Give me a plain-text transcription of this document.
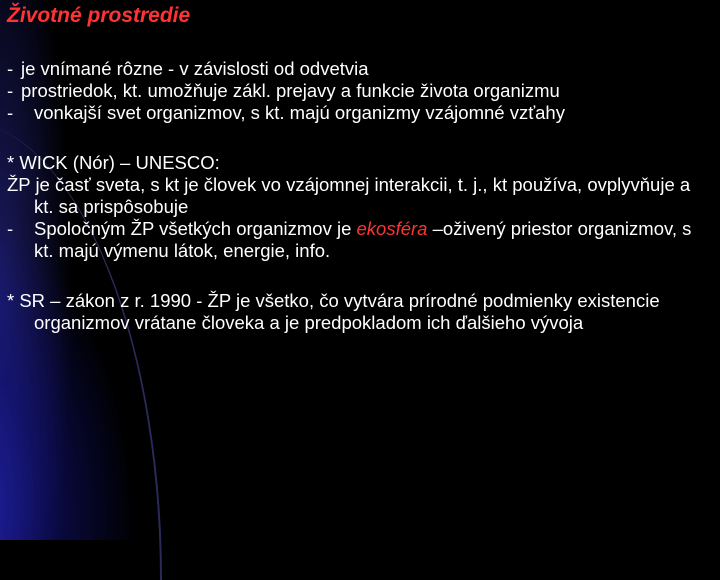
Životné prostredie

- je vnímané rôzne - v závislosti od odvetvia

- prostriedok, kt. umožňuje zákl. prejavy a funkcie života organizmu

- vonkajší svet organizmov, s kt. majú organizmy vzájomné vzťahy

* WICK (Nór) – UNESCO:

ŽP je časť sveta, s kt je človek vo vzájomnej interakcii, t. j., kt používa, ovplyvňuje a kt. sa prispôsobuje

- Spoločným ŽP všetkých organizmov je ekosféra –oživený priestor organizmov, s kt. majú výmenu látok, energie, info.

* SR – zákon z r. 1990 - ŽP je všetko, čo vytvára prírodné podmienky existencie organizmov vrátane človeka a je predpokladom ich ďalšieho vývoja
